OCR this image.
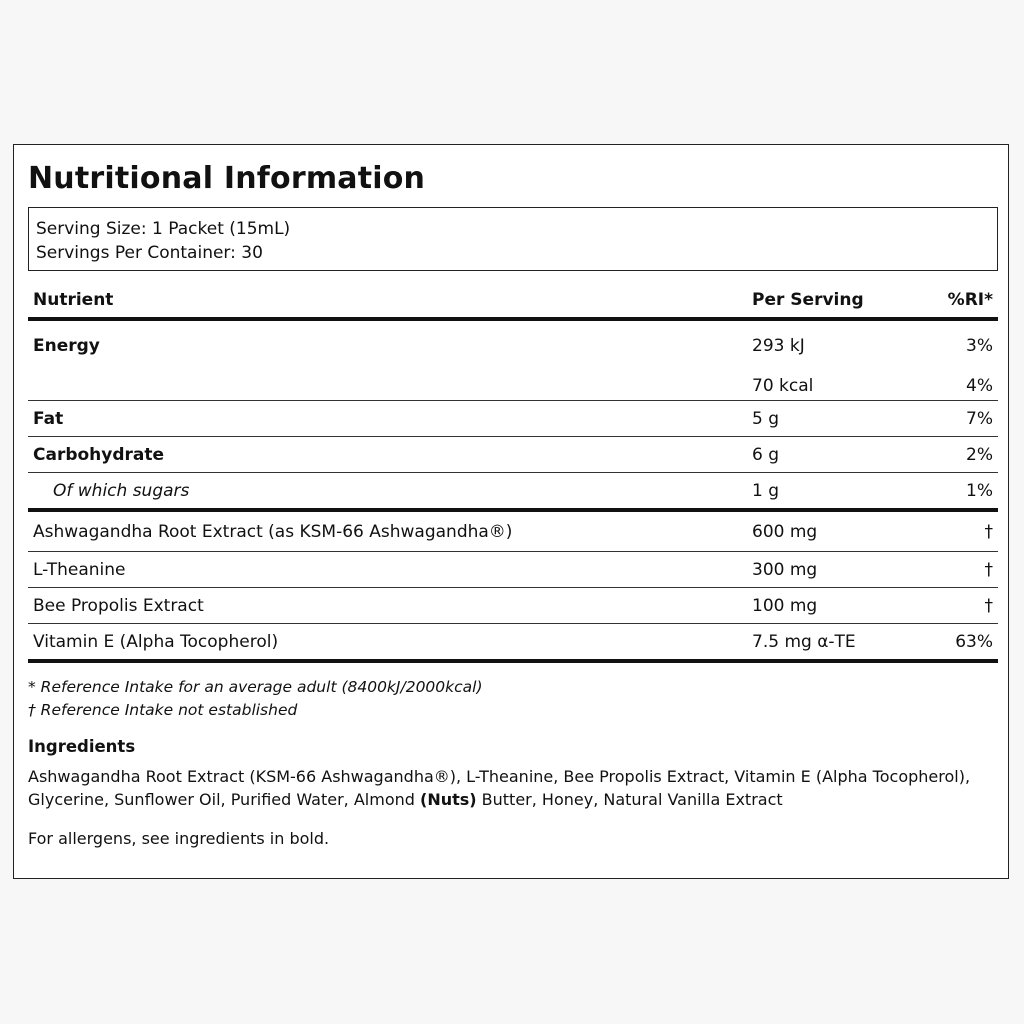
Nutritional Information
Serving Size: 1 Packet (15mL)
Servings Per Container: 30
Nutrient	Per Serving	%RI*
Energy	293 kJ	3%
	70 kcal	4%
Fat	5 g	7%
Carbohydrate	6 g	2%
Of which sugars	1 g	1%
Ashwagandha Root Extract (as KSM-66 Ashwagandha®)	600 mg	†
L-Theanine	300 mg	†
Bee Propolis Extract	100 mg	†
Vitamin E (Alpha Tocopherol)	7.5 mg α-TE	63%
* Reference Intake for an average adult (8400kJ/2000kcal)
† Reference Intake not established
Ingredients
Ashwagandha Root Extract (KSM-66 Ashwagandha®), L-Theanine, Bee Propolis Extract, Vitamin E (Alpha Tocopherol), Glycerine, Sunflower Oil, Purified Water, Almond (Nuts) Butter, Honey, Natural Vanilla Extract
For allergens, see ingredients in bold.
